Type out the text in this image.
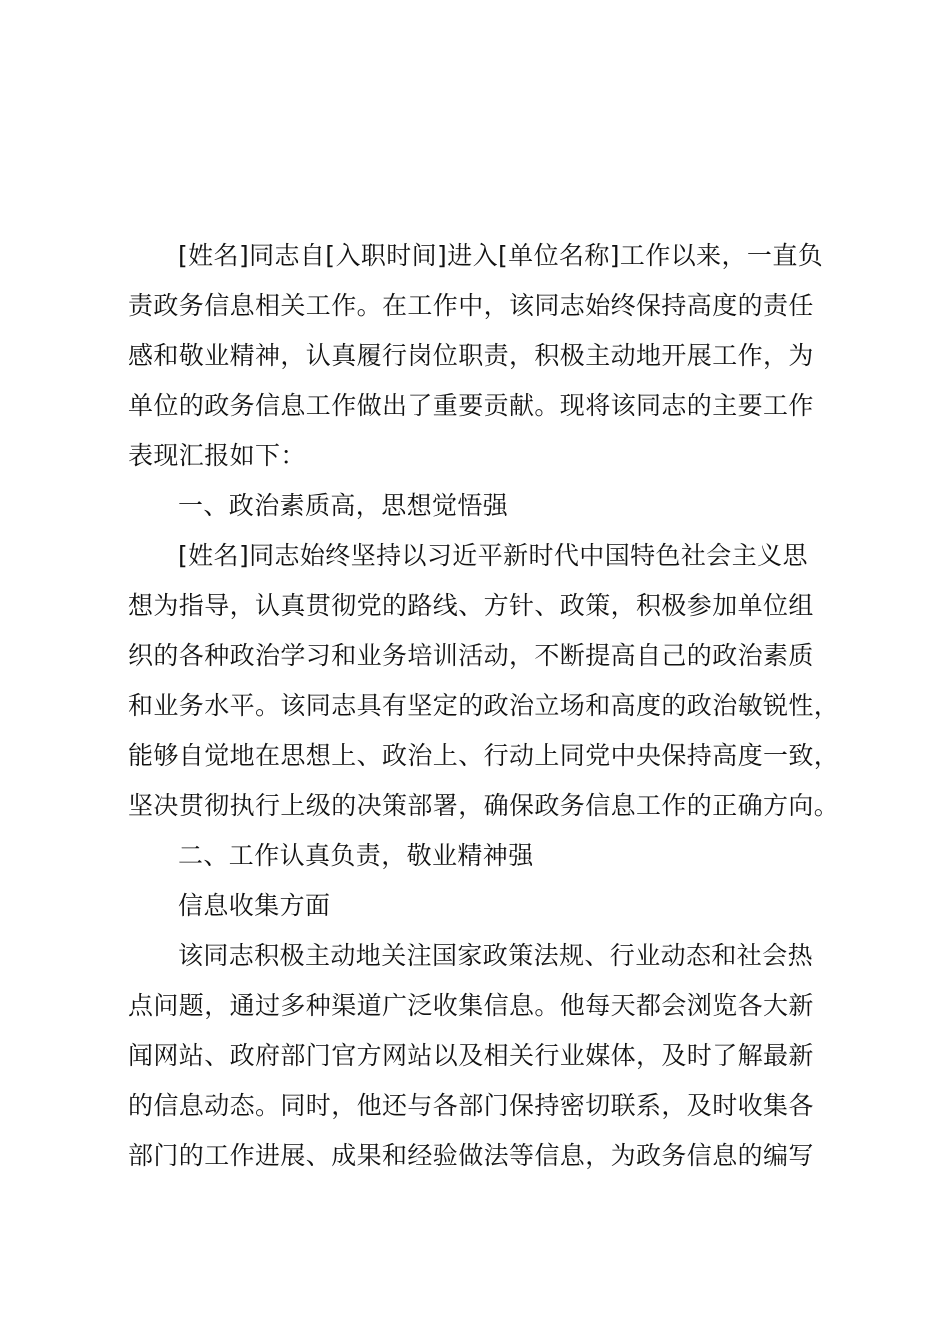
[姓名]同志自[入职时间]进入[单位名称]工作以来，一直负
责政务信息相关工作。在工作中，该同志始终保持高度的责任
感和敬业精神，认真履行岗位职责，积极主动地开展工作，为
单位的政务信息工作做出了重要贡献。现将该同志的主要工作
表现汇报如下：
一、政治素质高，思想觉悟强
[姓名]同志始终坚持以习近平新时代中国特色社会主义思
想为指导，认真贯彻党的路线、方针、政策，积极参加单位组
织的各种政治学习和业务培训活动，不断提高自己的政治素质
和业务水平。该同志具有坚定的政治立场和高度的政治敏锐性，
能够自觉地在思想上、政治上、行动上同党中央保持高度一致，
坚决贯彻执行上级的决策部署，确保政务信息工作的正确方向。
二、工作认真负责，敬业精神强
信息收集方面
该同志积极主动地关注国家政策法规、行业动态和社会热
点问题，通过多种渠道广泛收集信息。他每天都会浏览各大新
闻网站、政府部门官方网站以及相关行业媒体，及时了解最新
的信息动态。同时，他还与各部门保持密切联系，及时收集各
部门的工作进展、成果和经验做法等信息，为政务信息的编写
